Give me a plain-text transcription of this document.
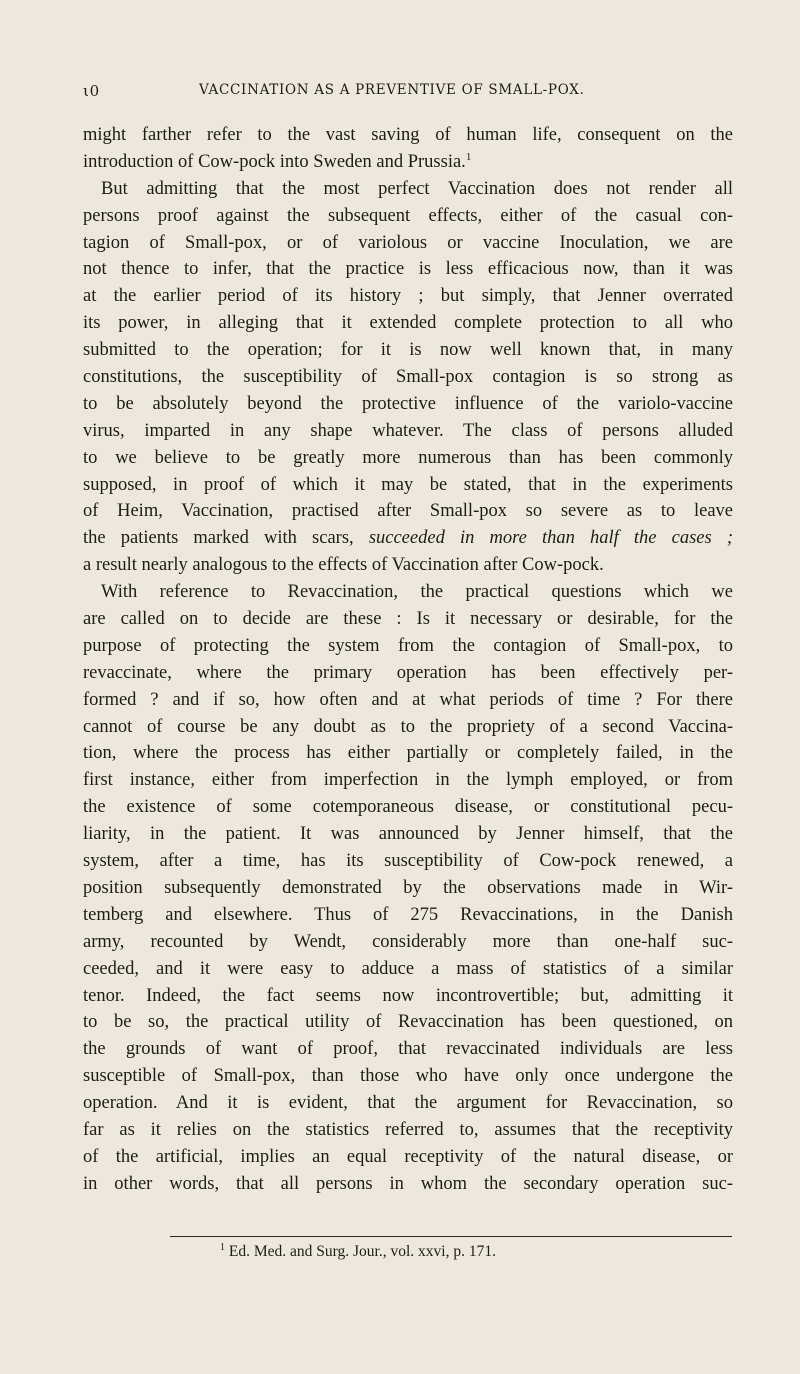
ι0	VACCINATION AS A PREVENTIVE OF SMALL-POX.
might farther refer to the vast saving of human life, consequent on the
introduction of Cow-pock into Sweden and Prussia.$^1$
But admitting that the most perfect Vaccination does not render all
persons proof against the subsequent effects, either of the casual con-
tagion of Small-pox, or of variolous or vaccine Inoculation, we are
not thence to infer, that the practice is less efficacious now, than it was
at the earlier period of its history ; but simply, that Jenner overrated
its power, in alleging that it extended complete protection to all who
submitted to the operation; for it is now well known that, in many
constitutions, the susceptibility of Small-pox contagion is so strong as
to be absolutely beyond the protective influence of the variolo-vaccine
virus, imparted in any shape whatever. The class of persons alluded
to we believe to be greatly more numerous than has been commonly
supposed, in proof of which it may be stated, that in the experiments
of Heim, Vaccination, practised after Small-pox so severe as to leave
the patients marked with scars, succeeded in more than half the cases ;
a result nearly analogous to the effects of Vaccination after Cow-pock.
With reference to Revaccination, the practical questions which we
are called on to decide are these : Is it necessary or desirable, for the
purpose of protecting the system from the contagion of Small-pox, to
revaccinate, where the primary operation has been effectively per-
formed ? and if so, how often and at what periods of time ? For there
cannot of course be any doubt as to the propriety of a second Vaccina-
tion, where the process has either partially or completely failed, in the
first instance, either from imperfection in the lymph employed, or from
the existence of some cotemporaneous disease, or constitutional pecu-
liarity, in the patient. It was announced by Jenner himself, that the
system, after a time, has its susceptibility of Cow-pock renewed, a
position subsequently demonstrated by the observations made in Wir-
temberg and elsewhere. Thus of 275 Revaccinations, in the Danish
army, recounted by Wendt, considerably more than one-half suc-
ceeded, and it were easy to adduce a mass of statistics of a similar
tenor. Indeed, the fact seems now incontrovertible; but, admitting it
to be so, the practical utility of Revaccination has been questioned, on
the grounds of want of proof, that revaccinated individuals are less
susceptible of Small-pox, than those who have only once undergone the
operation. And it is evident, that the argument for Revaccination, so
far as it relies on the statistics referred to, assumes that the receptivity
of the artificial, implies an equal receptivity of the natural disease, or
in other words, that all persons in whom the secondary operation suc-
$^1$ Ed. Med. and Surg. Jour., vol. xxvi, p. 171.
